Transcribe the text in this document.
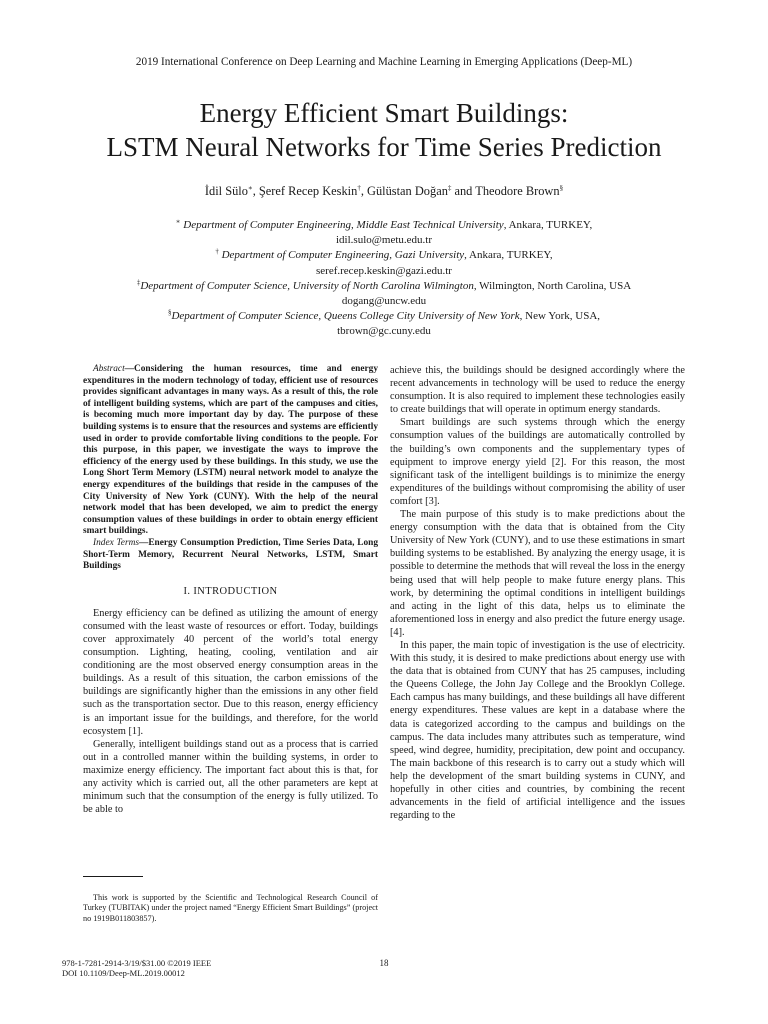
2019 International Conference on Deep Learning and Machine Learning in Emerging Applications (Deep-ML)
Energy Efficient Smart Buildings:
LSTM Neural Networks for Time Series Prediction
İdil Sülo∗, Şeref Recep Keskin†, Gülüstan Doğan‡ and Theodore Brown§
∗ Department of Computer Engineering, Middle East Technical University, Ankara, TURKEY,
idil.sulo@metu.edu.tr
† Department of Computer Engineering, Gazi University, Ankara, TURKEY,
seref.recep.keskin@gazi.edu.tr
‡Department of Computer Science, University of North Carolina Wilmington, Wilmington, North Carolina, USA
dogang@uncw.edu
§Department of Computer Science, Queens College City University of New York, New York, USA,
tbrown@gc.cuny.edu
Abstract—Considering the human resources, time and energy expenditures in the modern technology of today, efficient use of resources provides significant advantages in many ways. As a result of this, the role of intelligent building systems, which are part of the campuses and cities, is becoming much more important day by day. The purpose of these building systems is to ensure that the resources and systems are efficiently used in order to provide comfortable living conditions to the people. For this purpose, in this paper, we investigate the ways to improve the efficiency of the energy used by these buildings. In this study, we use the Long Short Term Memory (LSTM) neural network model to analyze the energy expenditures of the buildings that reside in the campuses of the City University of New York (CUNY). With the help of the neural network model that has been developed, we aim to predict the energy consumption values of these buildings in order to obtain energy efficient smart buildings.
Index Terms—Energy Consumption Prediction, Time Series Data, Long Short-Term Memory, Recurrent Neural Networks, LSTM, Smart Buildings
I. INTRODUCTION

Energy efficiency can be defined as utilizing the amount of energy consumed with the least waste of resources or effort. Today, buildings cover approximately 40 percent of the world’s total energy consumption. Lighting, heating, cooling, ventilation and air conditioning are the most observed energy consumption areas in the buildings. As a result of this situation, the carbon emissions of the buildings are significantly higher than the emissions in any other field such as the transportation sector. Due to this reason, energy efficiency is an important issue for the buildings, and therefore, for the world ecosystem [1].

Generally, intelligent buildings stand out as a process that is carried out in a controlled manner within the building systems, in order to maximize energy efficiency. The important fact about this is that, for any activity which is carried out, all the other parameters are kept at minimum such that the consumption of the energy is fully utilized. To be able to

This work is supported by the Scientific and Technological Research Council of Turkey (TUBITAK) under the project named “Energy Efficient Smart Buildings” (project no 1919B011803857).

achieve this, the buildings should be designed accordingly where the recent advancements in technology will be used to reduce the energy consumption. It is also required to implement these technologies easily to create buildings that will operate in optimum energy standards.

Smart buildings are such systems through which the energy consumption values of the buildings are automatically controlled by the building’s own components and the supplementary types of equipment to improve energy yield [2]. For this reason, the most significant task of the intelligent buildings is to minimize the energy expenditures of the buildings without compromising the ability of user comfort [3].

The main purpose of this study is to make predictions about the energy consumption with the data that is obtained from the City University of New York (CUNY), and to use these estimations in smart building systems to be established. By analyzing the energy usage, it is possible to determine the methods that will reveal the loss in the energy being used that will help people to make future energy plans. This work, by determining the optimal conditions in intelligent buildings and acting in the light of this data, helps us to eliminate the aforementioned loss in energy and also predict the future energy usage. [4].

In this paper, the main topic of investigation is the use of electricity. With this study, it is desired to make predictions about energy use with the data that is obtained from CUNY that has 25 campuses, including the Queens College, the John Jay College and the Brooklyn College. Each campus has many buildings, and these buildings all have different energy expenditures. These values are kept in a database where the data is categorized according to the campus and buildings on the campus. The data includes many attributes such as temperature, wind speed, wind degree, humidity, precipitation, dew point and occupancy. The main backbone of this research is to carry out a study which will help the development of the smart building systems in CUNY, and hopefully in other cities and countries, by combining the recent advancements in the field of artificial intelligence and the issues regarding to the

978-1-7281-2914-3/19/$31.00 ©2019 IEEE
DOI 10.1109/Deep-ML.2019.00012
18
